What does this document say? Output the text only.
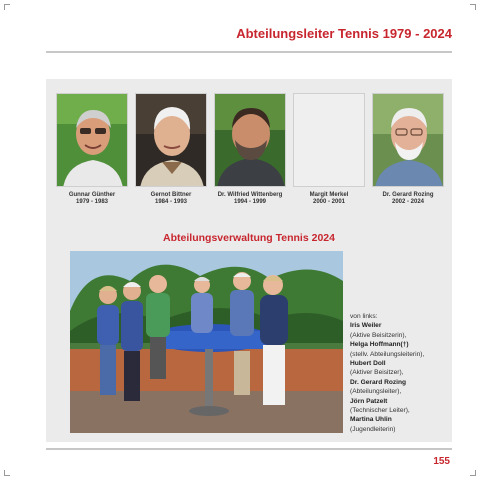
Abteilungsleiter Tennis 1979 - 2024
Gunnar Günther
1979 - 1983
Gernot Bittner
1984 - 1993
Dr. Wilfried Wittenberg
1994 - 1999
Margit Merkel
2000 - 2001
Dr. Gerard Rozing
2002 - 2024
Abteilungsverwaltung Tennis 2024
von links:
Iris Weiler
(Aktive Beisitzerin),
Helga Hoffmann(†)
(stellv. Abteilungsleiterin),
Hubert Doll
(Aktiver Beisitzer),
Dr. Gerard Rozing
(Abteilungsleiter),
Jörn Patzelt
(Technischer Leiter),
Martina Uhlin
(Jugendleiterin)
155
